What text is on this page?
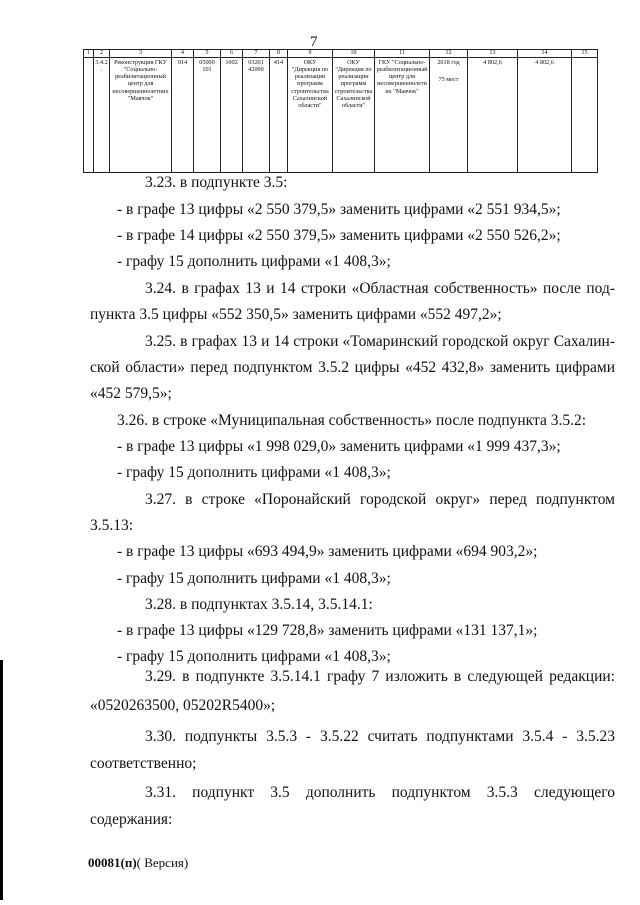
7
1	2	3	4	5	6	7	8	9	10	11	12	13	14	15
	3.4.2.	Реконструкция ГКУ "Социально-реабилитационный центр для несовершеннолетних "Маячок"	014	05000 101	1002	03201 42090	414	ОКУ "Дирекция по реализации программ строительства Сахалинской области"	ОКУ "Дирекция по реализации программ строительства Сахалинской области"	ГКУ "Социально-реабилитационный центр для несовершеннолетних "Маячок"	2018 год
75 мест	4 802,6	4 802,6	
3.23. в подпункте 3.5:
- в графе 13 цифры «2 550 379,5» заменить цифрами «2 551 934,5»;
- в графе 14 цифры «2 550 379,5» заменить цифрами «2 550 526,2»;
- графу 15 дополнить цифрами «1 408,3»;
3.24. в графах 13 и 14 строки «Областная собственность» после под-
пункта 3.5 цифры «552 350,5» заменить цифрами «552 497,2»;
3.25. в графах 13 и 14 строки «Томаринский городской округ Сахалин-
ской области» перед подпунктом 3.5.2 цифры «452 432,8» заменить цифрами
«452 579,5»;
3.26. в строке «Муниципальная собственность» после подпункта 3.5.2:
- в графе 13 цифры «1 998 029,0» заменить цифрами «1 999 437,3»;
- графу 15 дополнить цифрами «1 408,3»;
3.27. в строке «Поронайский городской округ» перед подпунктом
3.5.13:
- в графе 13 цифры «693 494,9» заменить цифрами «694 903,2»;
- графу 15 дополнить цифрами «1 408,3»;
3.28. в подпунктах 3.5.14, 3.5.14.1:
- в графе 13 цифры «129 728,8» заменить цифрами «131 137,1»;
- графу 15 дополнить цифрами «1 408,3»;
00081(п)( Версия)
3.29. в подпункте 3.5.14.1 графу 7 изложить в следующей редакции:
«0520263500, 05202R5400»;
3.30. подпункты 3.5.3 - 3.5.22 считать подпунктами 3.5.4 - 3.5.23
соответственно;
3.31. подпункт 3.5 дополнить подпунктом 3.5.3 следующего
содержания:
